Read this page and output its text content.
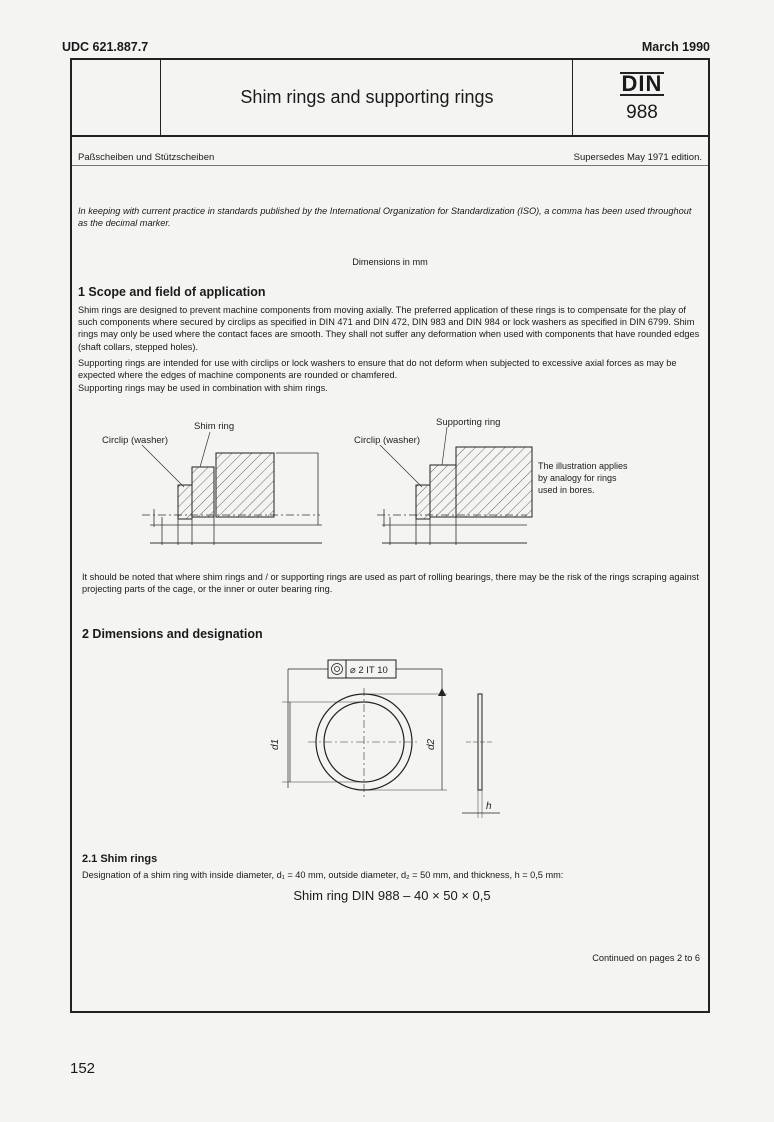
UDC 621.887.7	March 1990
Shim rings and supporting rings
DIN
988
Paßscheiben und Stützscheiben	Supersedes May 1971 edition.

In keeping with current practice in standards published by the International Organization for Standardization (ISO), a comma has been used throughout as the decimal marker.

Dimensions in mm

1 Scope and field of application

Shim rings are designed to prevent machine components from moving axially. The preferred application of these rings is to compensate for the play of such components where secured by circlips as specified in DIN 471 and DIN 472, DIN 983 and DIN 984 or lock washers as specified in DIN 6799. Shim rings may only be used where the contact faces are smooth. They shall not suffer any deformation when used with components that have rounded edges (shaft collars, stepped holes).

Supporting rings are intended for use with circlips or lock washers to ensure that do not deform when subjected to excessive axial forces as may be expected where the edges of machine components are rounded or chamfered.

Supporting rings may be used in combination with shim rings.

Shim ring
Circlip (washer)
Supporting ring
Circlip (washer)

The illustration applies by analogy for rings used in bores.

It should be noted that where shim rings and / or supporting rings are used as part of rolling bearings, there may be the risk of the rings scraping against projecting parts of the cage, or the inner or outer bearing ring.

2 Dimensions and designation
⌀ 2 IT 10
d1	d2
h
2.1 Shim rings

Designation of a shim ring with inside diameter, d₁ = 40 mm, outside diameter, d₂ = 50 mm, and thickness, h = 0,5 mm:

Shim ring DIN 988 – 40 × 50 × 0,5

Continued on pages 2 to 6

152
